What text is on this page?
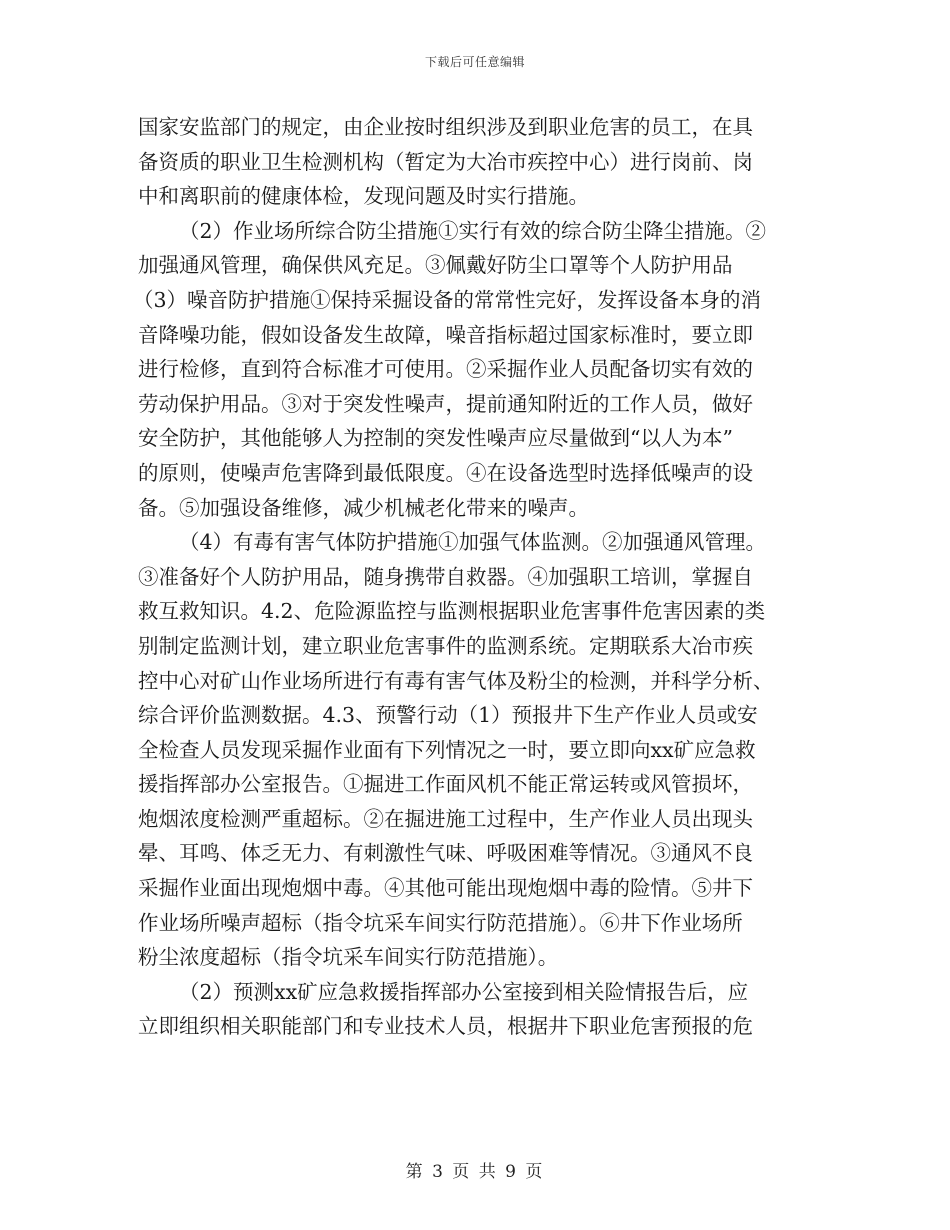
下载后可任意编辑
国家安监部门的规定，由企业按时组织涉及到职业危害的员工，在具
备资质的职业卫生检测机构（暂定为大冶市疾控中心）进行岗前、岗
中和离职前的健康体检，发现问题及时实行措施。
（2）作业场所综合防尘措施①实行有效的综合防尘降尘措施。②
加强通风管理，确保供风充足。③佩戴好防尘口罩等个人防护用品
（3）噪音防护措施①保持采掘设备的常常性完好，发挥设备本身的消
音降噪功能，假如设备发生故障，噪音指标超过国家标准时，要立即
进行检修，直到符合标准才可使用。②采掘作业人员配备切实有效的
劳动保护用品。③对于突发性噪声，提前通知附近的工作人员，做好
安全防护，其他能够人为控制的突发性噪声应尽量做到“以人为本”
的原则，使噪声危害降到最低限度。④在设备选型时选择低噪声的设
备。⑤加强设备维修，减少机械老化带来的噪声。
（4）有毒有害气体防护措施①加强气体监测。②加强通风管理。
③准备好个人防护用品，随身携带自救器。④加强职工培训，掌握自
救互救知识。4.2、危险源监控与监测根据职业危害事件危害因素的类
别制定监测计划，建立职业危害事件的监测系统。定期联系大冶市疾
控中心对矿山作业场所进行有毒有害气体及粉尘的检测，并科学分析、
综合评价监测数据。4.3、预警行动（1）预报井下生产作业人员或安
全检查人员发现采掘作业面有下列情况之一时，要立即向xx矿应急救
援指挥部办公室报告。①掘进工作面风机不能正常运转或风管损坏，
炮烟浓度检测严重超标。②在掘进施工过程中，生产作业人员出现头
晕、耳鸣、体乏无力、有刺激性气味、呼吸困难等情况。③通风不良
采掘作业面出现炮烟中毒。④其他可能出现炮烟中毒的险情。⑤井下
作业场所噪声超标（指令坑采车间实行防范措施）。⑥井下作业场所
粉尘浓度超标（指令坑采车间实行防范措施）。
（2）预测xx矿应急救援指挥部办公室接到相关险情报告后，应
立即组织相关职能部门和专业技术人员，根据井下职业危害预报的危
第 3 页 共 9 页
